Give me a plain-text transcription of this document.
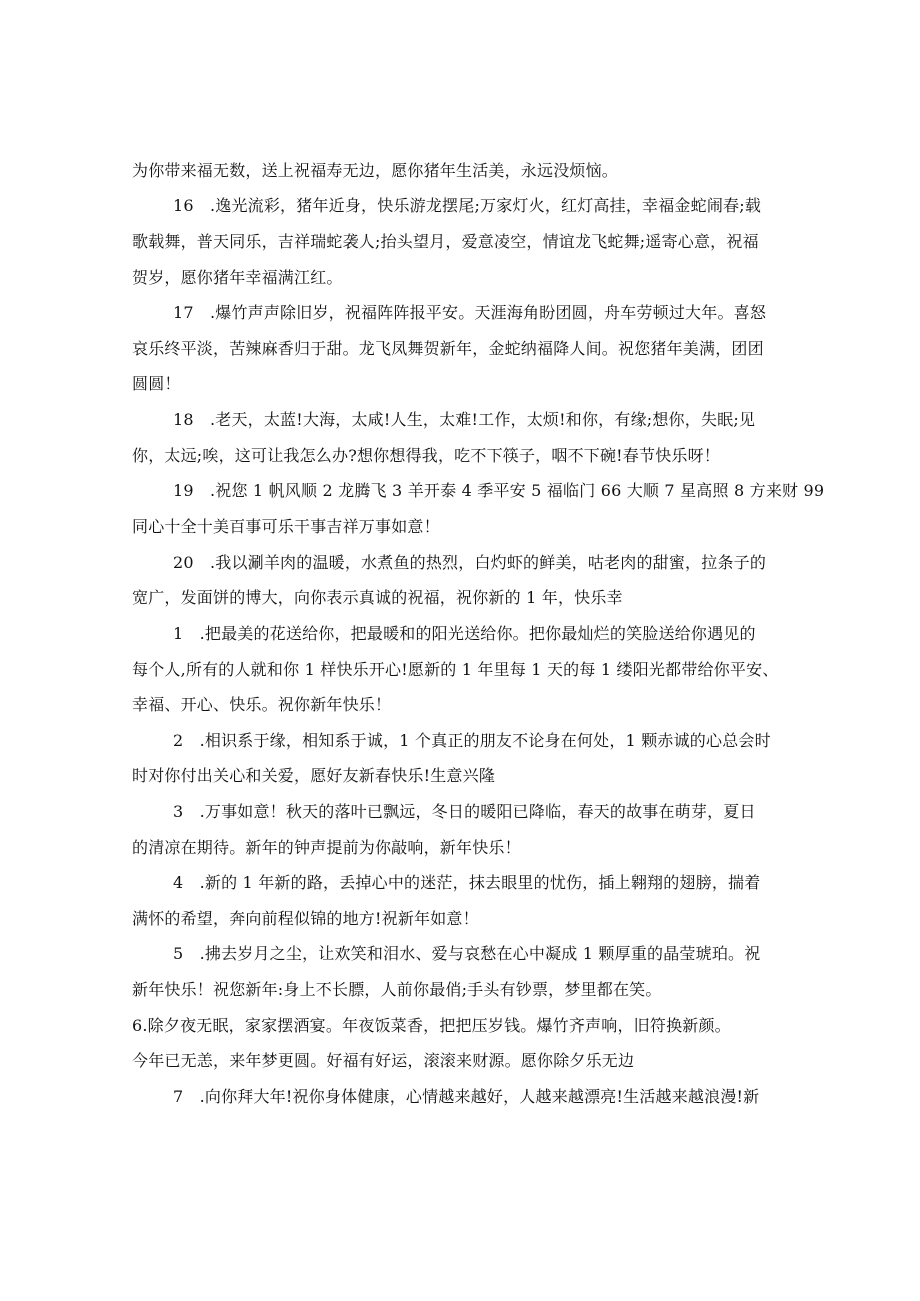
为你带来福无数，送上祝福寿无边，愿你猪年生活美，永远没烦恼。
16　.逸光流彩，猪年近身，快乐游龙摆尾;万家灯火，红灯高挂，幸福金蛇闹春;载
歌载舞，普天同乐，吉祥瑞蛇袭人;抬头望月，爱意凌空，情谊龙飞蛇舞;遥寄心意，祝福
贺岁，愿你猪年幸福满江红。
17　.爆竹声声除旧岁，祝福阵阵报平安。天涯海角盼团圆，舟车劳顿过大年。喜怒
哀乐终平淡，苦辣麻香归于甜。龙飞凤舞贺新年，金蛇纳福降人间。祝您猪年美满，团团
圆圆！
18　.老天，太蓝!大海，太咸!人生，太难!工作，太烦!和你，有缘;想你，失眠;见
你，太远;唉，这可让我怎么办?想你想得我，吃不下筷子，咽不下碗!春节快乐呀！
19　.祝您 1 帆风顺 2 龙腾飞 3 羊开泰 4 季平安 5 福临门 66 大顺 7 星高照 8 方来财 99
同心十全十美百事可乐干事吉祥万事如意！
20　.我以涮羊肉的温暖，水煮鱼的热烈，白灼虾的鲜美，咕老肉的甜蜜，拉条子的
宽广，发面饼的博大，向你表示真诚的祝福，祝你新的 1 年，快乐幸
1　.把最美的花送给你，把最暖和的阳光送给你。把你最灿烂的笑脸送给你遇见的
每个人,所有的人就和你 1 样快乐开心!愿新的 1 年里每 1 天的每 1 缕阳光都带给你平安、
幸福、开心、快乐。祝你新年快乐！
2　.相识系于缘，相知系于诚，1 个真正的朋友不论身在何处，1 颗赤诚的心总会时
时对你付出关心和关爱，愿好友新春快乐!生意兴隆
3　.万事如意！秋天的落叶已飘远，冬日的暖阳已降临，春天的故事在萌芽，夏日
的清凉在期待。新年的钟声提前为你敲响，新年快乐！
4　.新的 1 年新的路，丢掉心中的迷茫，抹去眼里的忧伤，插上翱翔的翅膀，揣着
满怀的希望，奔向前程似锦的地方!祝新年如意！
5　.拂去岁月之尘，让欢笑和泪水、爱与哀愁在心中凝成 1 颗厚重的晶莹琥珀。祝
新年快乐！祝您新年:身上不长膘，人前你最俏;手头有钞票，梦里都在笑。
6.除夕夜无眠，家家摆酒宴。年夜饭菜香，把把压岁钱。爆竹齐声响，旧符换新颜。
今年已无恙，来年梦更圆。好福有好运，滚滚来财源。愿你除夕乐无边
7　.向你拜大年!祝你身体健康，心情越来越好，人越来越漂亮!生活越来越浪漫!新
